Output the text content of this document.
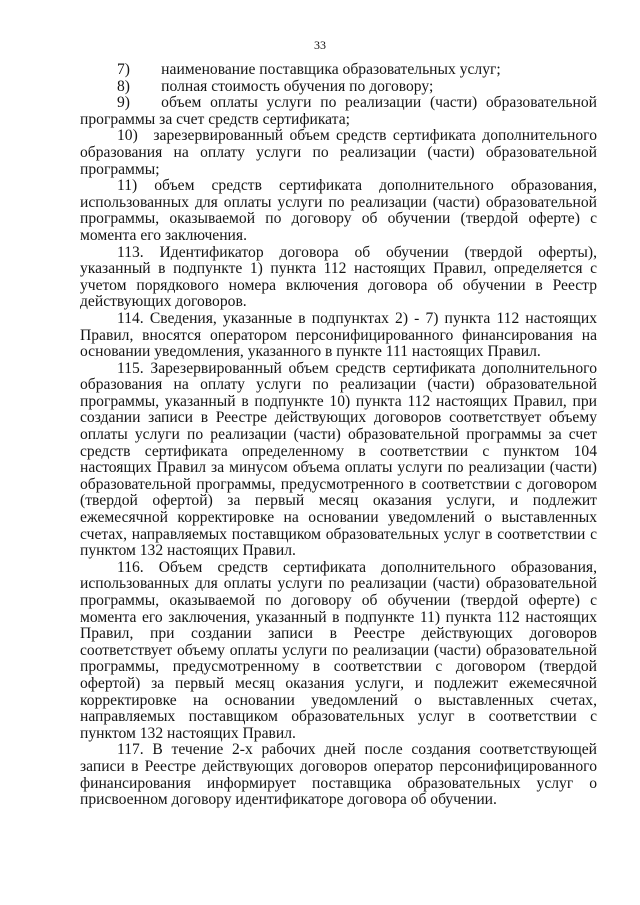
33

7)  наименование поставщика образовательных услуг;

8)  полная стоимость обучения по договору;

9)  объем оплаты услуги по реализации (части) образовательной программы за счет средств сертификата;

10) зарезервированный объем средств сертификата дополнительного образования на оплату услуги по реализации (части) образовательной программы;

11) объем средств сертификата дополнительного образования, использованных для оплаты услуги по реализации (части) образовательной программы, оказываемой по договору об обучении (твердой оферте) с момента его заключения.

113. Идентификатор договора об обучении (твердой оферты), указанный в подпункте 1) пункта 112 настоящих Правил, определяется с учетом порядкового номера включения договора об обучении в Реестр действующих договоров.

114. Сведения, указанные в подпунктах 2) - 7) пункта 112 настоящих Правил, вносятся оператором персонифицированного финансирования на основании уведомления, указанного в пункте 111 настоящих Правил.

115. Зарезервированный объем средств сертификата дополнительного образования на оплату услуги по реализации (части) образовательной программы, указанный в подпункте 10) пункта 112 настоящих Правил, при создании записи в Реестре действующих договоров соответствует объему оплаты услуги по реализации (части) образовательной программы за счет средств сертификата определенному в соответствии с пунктом 104 настоящих Правил за минусом объема оплаты услуги по реализации (части) образовательной программы, предусмотренного в соответствии с договором (твердой офертой) за первый месяц оказания услуги, и подлежит ежемесячной корректировке на основании уведомлений о выставленных счетах, направляемых поставщиком образовательных услуг в соответствии с пунктом 132 настоящих Правил.

116. Объем средств сертификата дополнительного образования, использованных для оплаты услуги по реализации (части) образовательной программы, оказываемой по договору об обучении (твердой оферте) с момента его заключения, указанный в подпункте 11) пункта 112 настоящих Правил, при создании записи в Реестре действующих договоров соответствует объему оплаты услуги по реализации (части) образовательной программы, предусмотренному в соответствии с договором (твердой офертой) за первый месяц оказания услуги, и подлежит ежемесячной корректировке на основании уведомлений о выставленных счетах, направляемых поставщиком образовательных услуг в соответствии с пунктом 132 настоящих Правил.

117. В течение 2-х рабочих дней после создания соответствующей записи в Реестре действующих договоров оператор персонифицированного финансирования информирует поставщика образовательных услуг о присвоенном договору идентификаторе договора об обучении.
